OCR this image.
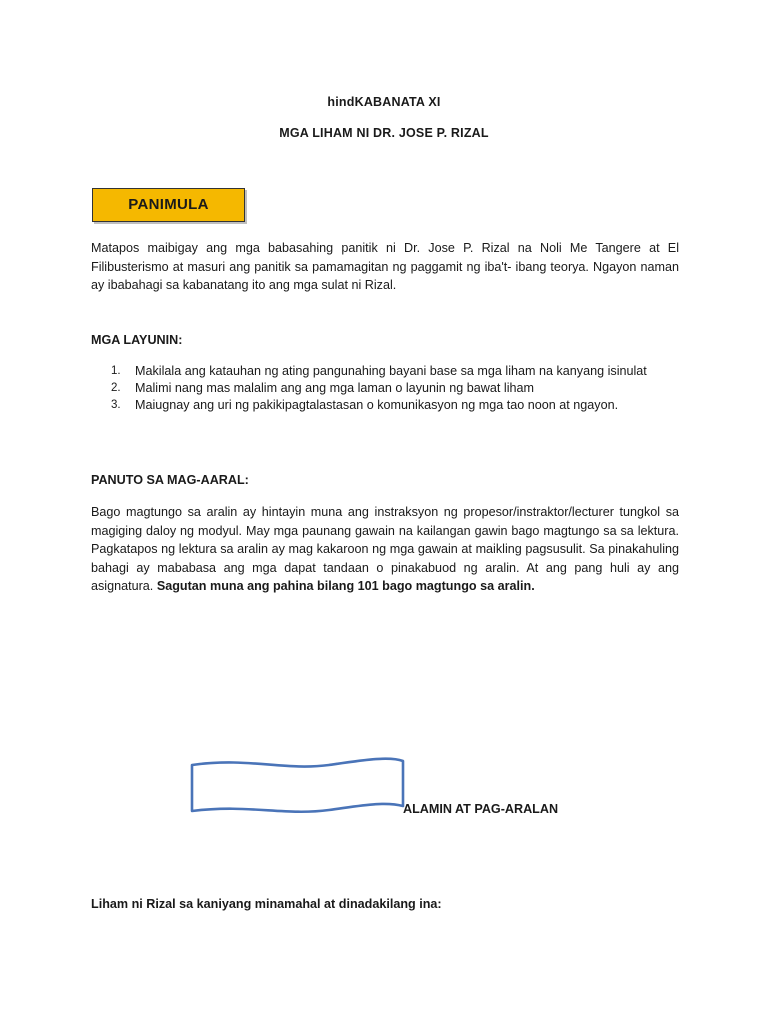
hindKABANATA XI
MGA LIHAM NI DR. JOSE P. RIZAL
PANIMULA
Matapos maibigay ang mga babasahing panitik ni Dr. Jose P. Rizal na Noli Me Tangere at El Filibusterismo at masuri ang panitik sa pamamagitan ng paggamit ng iba't- ibang teorya. Ngayon naman ay ibabahagi sa kabanatang ito ang mga sulat ni Rizal.
MGA LAYUNIN:
1. Makilala ang katauhan ng ating pangunahing bayani base sa mga liham na kanyang isinulat
2. Malimi nang mas malalim ang ang mga laman o layunin ng bawat liham
3. Maiugnay ang uri ng pakikipagtalastasan o komunikasyon ng mga tao noon at ngayon.
PANUTO SA MAG-AARAL:
Bago magtungo sa aralin ay hintayin muna ang instraksyon ng propesor/instraktor/lecturer tungkol sa magiging daloy ng modyul. May mga paunang gawain na kailangan gawin bago magtungo sa sa lektura. Pagkatapos ng lektura sa aralin ay mag kakaroon ng mga gawain at maikling pagsusulit. Sa pinakahuling bahagi ay mababasa ang mga dapat tandaan o pinakabuod ng aralin. At ang pang huli ay ang asignatura. Sagutan muna ang pahina bilang 101 bago magtungo sa aralin.
ALAMIN AT PAG-ARALAN
Liham ni Rizal sa kaniyang minamahal at dinadakilang ina:
